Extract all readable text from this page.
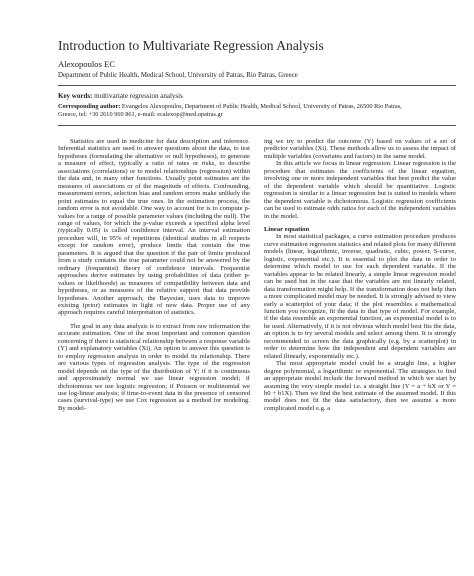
Introduction to Multivariate Regression Analysis
Alexopoulos EC
Department of Public Health, Medical School, University of Patras, Rio Patras, Greece
Key words: multivariate regression analysis
Corresponding author: Evangelos Alexopoulos, Department of Public Health, Medical School, University of Patras, 26500 Rio Patras,
Greece, tel: +30 2610 969 861, e-mail: ecalexop@med.upatras.gr

Statistics are used in medicine for data description and inference. Inferential statistics are used to answer questions about the data, to test hypotheses (formulating the alternative or null hypotheses), to generate a measure of effect, typically a ratio of rates or risks, to describe associations (correlations) or to model relationships (regression) within the data and, in many other functions. Usually point estimates are the measures of associations or of the magnitude of effects. Confounding, measurement errors, selection bias and random errors make unlikely the point estimates to equal the true ones. In the estimation process, the random error is not avoidable. One way to account for is to compute p-values for a range of possible parameter values (including the null). The range of values, for which the p-value exceeds a specified alpha level (typically 0.05) is called confidence interval. An interval estimation procedure will, in 95% of repetitions (identical studies in all respects except for random error), produce limits that contain the true parameters. It is argued that the question if the pair of limits produced from a study contains the true parameter could not be answered by the ordinary (frequentist) theory of confidence intervals. Frequentist approaches derive estimates by using probabilities of data (either p-values or likelihoods) as measures of compatibility between data and hypotheses, or as measures of the relative support that data provide hypotheses. Another approach, the Bayesian, uses data to improve existing (prior) estimates in light of new data. Proper use of any approach requires careful interpretation of statistics.

The goal in any data analysis is to extract from raw information the accurate estimation. One of the most important and common question concerning if there is statistical relationship between a response variable (Y) and explanatory variables (Xi). An option to answer this question is to employ regression analysis in order to model its relationship. There are various types of regression analysis. The type of the regression model depends on the type of the distribution of Y; if it is continuous and approximately normal we use linear regression model; if dichotomous we use logistic regression; if Poisson or multinomial we use log-linear analysis; if time-to-event data in the presence of censored cases (survival-type) we use Cox regression as a method for modeling. By model-

ing we try to predict the outcome (Y) based on values of a set of predictor variables (Xi). These methods allow us to assess the impact of multiple variables (covariates and factors) in the same model.

In this article we focus in linear regression. Linear regression is the procedure that estimates the coefficients of the linear equation, involving one or more independent variables that best predict the value of the dependent variable which should be quantitative. Logistic regression is similar to a linear regression but is suited to models where the dependent variable is dichotomous. Logistic regression coefficients can be used to estimate odds ratios for each of the independent variables in the model.

Linear equation

In most statistical packages, a curve estimation procedure produces curve estimation regression statistics and related plots for many different models (linear, logarithmic, inverse, quadratic, cubic, power, S-curve, logistic, exponential etc.). It is essential to plot the data in order to determine which model to use for each dependent variable. If the variables appear to be related linearly, a simple linear regression model can be used but in the case that the variables are not linearly related, data transformation might help. If the transformation does not help then a more complicated model may be needed. It is strongly advised to view early a scatterplot of your data; if the plot resembles a mathematical function you recognize, fit the data to that type of model. For example, if the data resemble an exponential function, an exponential model is to be used. Alternatively, if it is not obvious which model best fits the data, an option is to try several models and select among them. It is strongly recommended to screen the data graphically (e.g. by a scatterplot) in order to determine how the independent and dependent variables are related (linearly, exponentially etc.).

The most appropriate model could be a straight line, a higher degree polynomial, a logarithmic or exponential. The strategies to find an appropriate model include the forward method in which we start by assuming the very simple model i.e. a straight line (Y = a + bX or Y = b0 + b1X). Then we find the best estimate of the assumed model. If this model does not fit the data satisfactory, then we assume a more complicated model e.g. a
